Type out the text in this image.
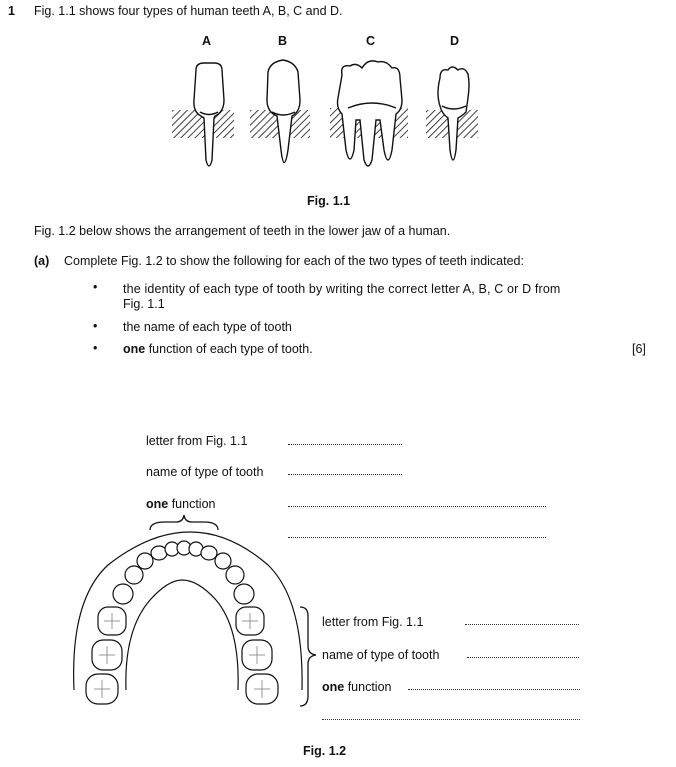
1 Fig. 1.1 shows four types of human teeth A, B, C and D.
A	B	C	D
Fig. 1.1
Fig. 1.2 below shows the arrangement of teeth in the lower jaw of a human.
(a) Complete Fig. 1.2 to show the following for each of the two types of teeth indicated:
• the identity of each type of tooth by writing the correct letter A, B, C or D from
Fig. 1.1
• the name of each type of tooth
• one function of each type of tooth.	[6]
letter from Fig. 1.1
name of type of tooth
one function
letter from Fig. 1.1
name of type of tooth
one function
Fig. 1.2
